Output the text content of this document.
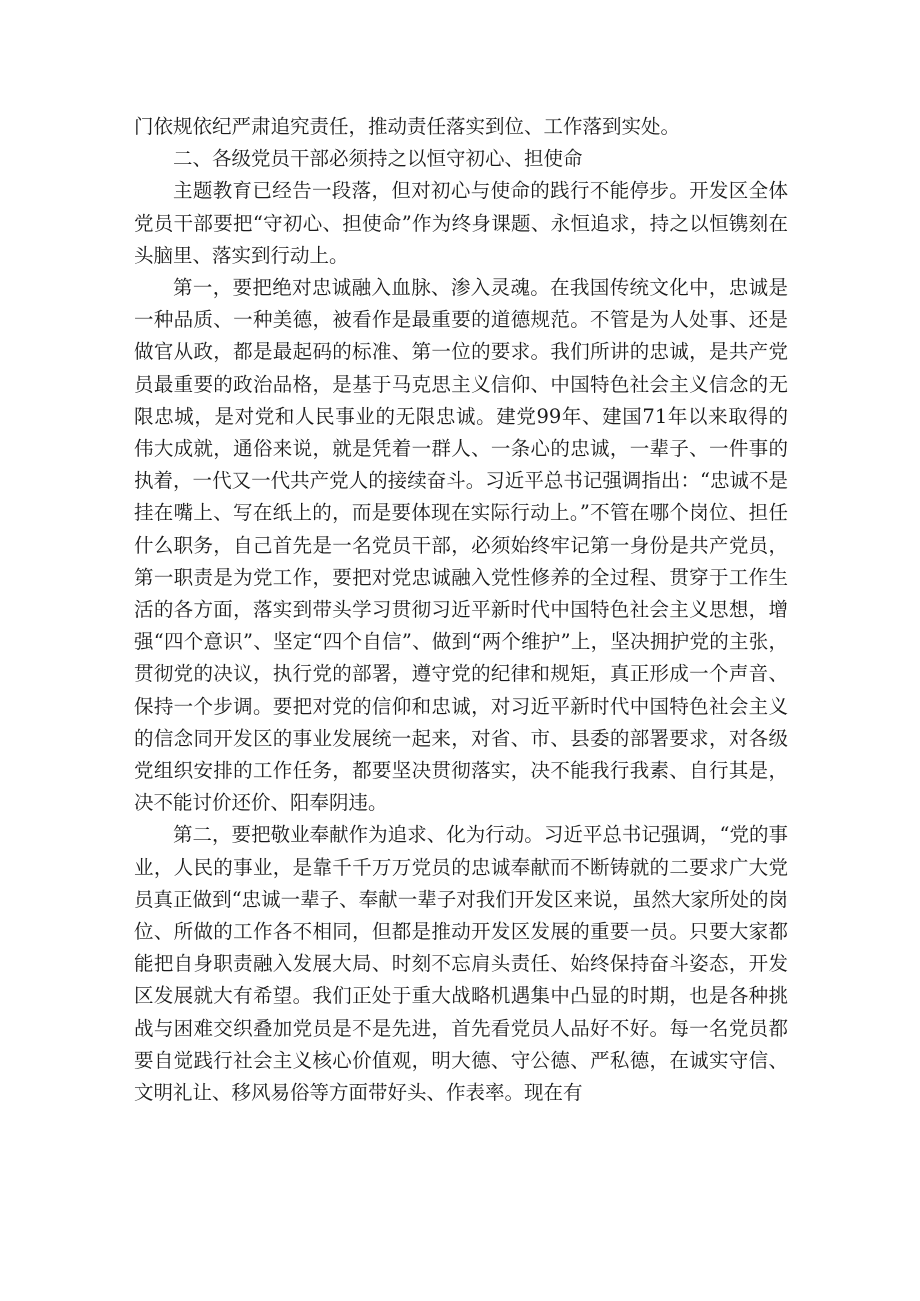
门依规依纪严肃追究责任，推动责任落实到位、工作落到实处。

二、各级党员干部必须持之以恒守初心、担使命

主题教育已经告一段落，但对初心与使命的践行不能停步。开发区全体党员干部要把“守初心、担使命”作为终身课题、永恒追求，持之以恒镌刻在头脑里、落实到行动上。

第一，要把绝对忠诚融入血脉、渗入灵魂。在我国传统文化中，忠诚是一种品质、一种美德，被看作是最重要的道德规范。不管是为人处事、还是做官从政，都是最起码的标准、第一位的要求。我们所讲的忠诚，是共产党员最重要的政治品格，是基于马克思主义信仰、中国特色社会主义信念的无限忠城，是对党和人民事业的无限忠诚。建党99年、建国71年以来取得的伟大成就，通俗来说，就是凭着一群人、一条心的忠诚，一辈子、一件事的执着，一代又一代共产党人的接续奋斗。习近平总书记强调指出：“忠诚不是挂在嘴上、写在纸上的，而是要体现在实际行动上。”不管在哪个岗位、担任什么职务，自己首先是一名党员干部，必须始终牢记第一身份是共产党员，第一职责是为党工作，要把对党忠诚融入党性修养的全过程、贯穿于工作生活的各方面，落实到带头学习贯彻习近平新时代中国特色社会主义思想，增强“四个意识”、坚定“四个自信”、做到“两个维护”上，坚决拥护党的主张，贯彻党的决议，执行党的部署，遵守党的纪律和规矩，真正形成一个声音、保持一个步调。要把对党的信仰和忠诚，对习近平新时代中国特色社会主义的信念同开发区的事业发展统一起来，对省、市、县委的部署要求，对各级党组织安排的工作任务，都要坚决贯彻落实，决不能我行我素、自行其是，决不能讨价还价、阳奉阴违。

第二，要把敬业奉献作为追求、化为行动。习近平总书记强调，“党的事业，人民的事业，是靠千千万万党员的忠诚奉献而不断铸就的二要求广大党员真正做到“忠诚一辈子、奉献一辈子对我们开发区来说，虽然大家所处的岗位、所做的工作各不相同，但都是推动开发区发展的重要一员。只要大家都能把自身职责融入发展大局、时刻不忘肩头责任、始终保持奋斗姿态，开发区发展就大有希望。我们正处于重大战略机遇集中凸显的时期，也是各种挑战与困难交织叠加党员是不是先进，首先看党员人品好不好。每一名党员都要自觉践行社会主义核心价值观，明大德、守公德、严私德，在诚实守信、文明礼让、移风易俗等方面带好头、作表率。现在有
